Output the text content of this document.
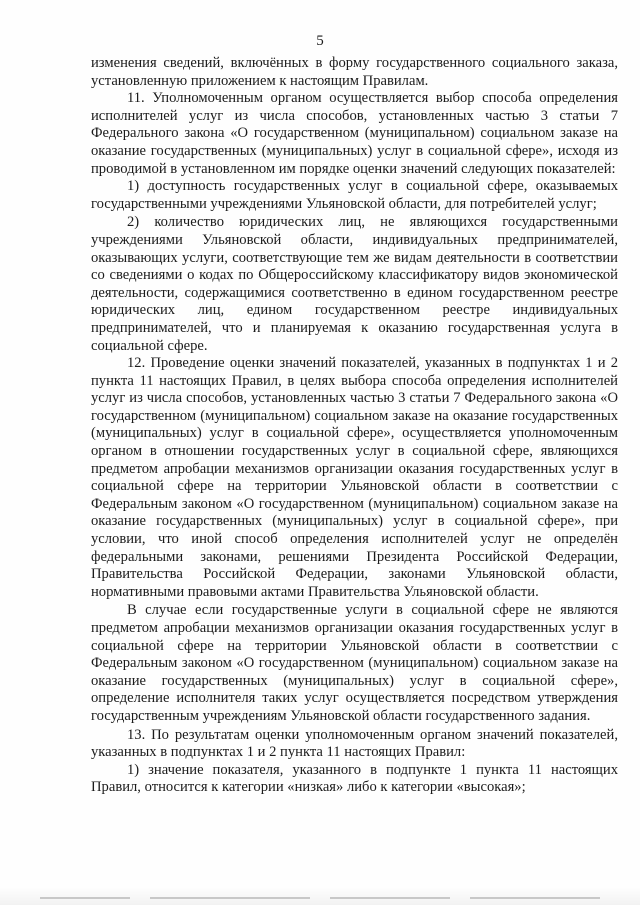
5

изменения сведений, включённых в форму государственного социального заказа, установленную приложением к настоящим Правилам.

11. Уполномоченным органом осуществляется выбор способа определения исполнителей услуг из числа способов, установленных частью 3 статьи 7 Федерального закона «О государственном (муниципальном) социальном заказе на оказание государственных (муниципальных) услуг в социальной сфере», исходя из проводимой в установленном им порядке оценки значений следующих показателей:

1) доступность государственных услуг в социальной сфере, оказываемых государственными учреждениями Ульяновской области, для потребителей услуг;

2) количество юридических лиц, не являющихся государственными учреждениями Ульяновской области, индивидуальных предпринимателей, оказывающих услуги, соответствующие тем же видам деятельности в соответствии со сведениями о кодах по Общероссийскому классификатору видов экономической деятельности, содержащимися соответственно в едином государственном реестре юридических лиц, едином государственном реестре индивидуальных предпринимателей, что и планируемая к оказанию государственная услуга в социальной сфере.

12. Проведение оценки значений показателей, указанных в подпунктах 1 и 2 пункта 11 настоящих Правил, в целях выбора способа определения исполнителей услуг из числа способов, установленных частью 3 статьи 7 Федерального закона «О государственном (муниципальном) социальном заказе на оказание государственных (муниципальных) услуг в социальной сфере», осуществляется уполномоченным органом в отношении государственных услуг в социальной сфере, являющихся предметом апробации механизмов организации оказания государственных услуг в социальной сфере на территории Ульяновской области в соответствии с Федеральным законом «О государственном (муниципальном) социальном заказе на оказание государственных (муниципальных) услуг в социальной сфере», при условии, что иной способ определения исполнителей услуг не определён федеральными законами, решениями Президента Российской Федерации, Правительства Российской Федерации, законами Ульяновской области, нормативными правовыми актами Правительства Ульяновской области.

В случае если государственные услуги в социальной сфере не являются предметом апробации механизмов организации оказания государственных услуг в социальной сфере на территории Ульяновской области в соответствии с Федеральным законом «О государственном (муниципальном) социальном заказе на оказание государственных (муниципальных) услуг в социальной сфере», определение исполнителя таких услуг осуществляется посредством утверждения государственным учреждениям Ульяновской области государственного задания.

13. По результатам оценки уполномоченным органом значений показателей, указанных в подпунктах 1 и 2 пункта 11 настоящих Правил:

1) значение показателя, указанного в подпункте 1 пункта 11 настоящих Правил, относится к категории «низкая» либо к категории «высокая»;
